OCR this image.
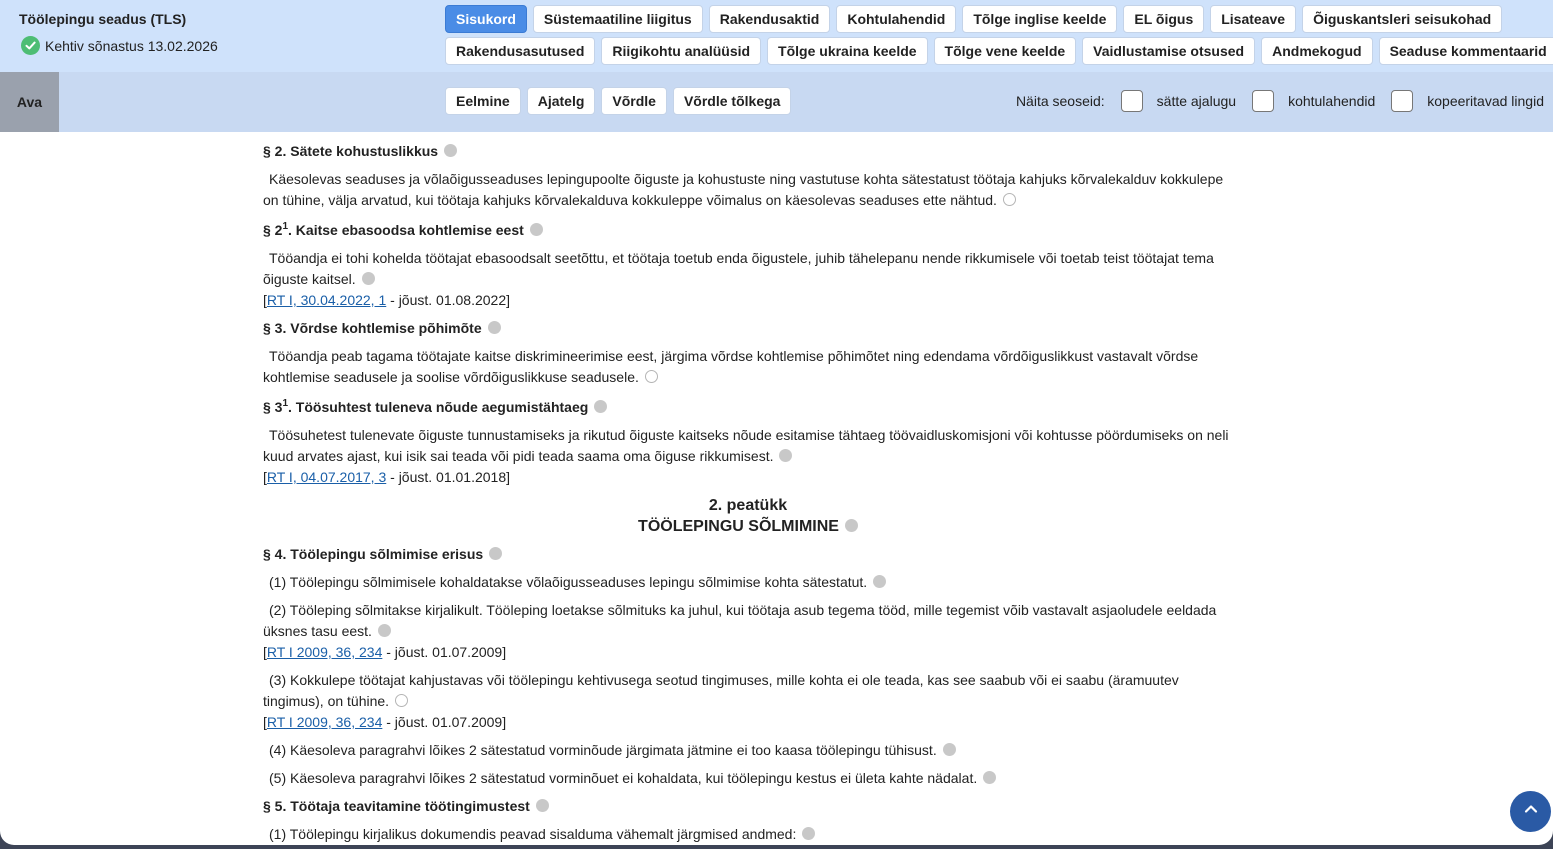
Töölepingu seadus (TLS)
Kehtiv sõnastus 13.02.2026
Sisukord	Süstemaatiline liigitus	Rakendusaktid	Kohtulahendid	Tõlge inglise keelde	EL õigus	Lisateave	Õiguskantsleri seisukohad
Rakendusasutused	Riigikohtu analüüsid	Tõlge ukraina keelde	Tõlge vene keelde	Vaidlustamise otsused	Andmekogud	Seaduse kommentaarid
Ava	Eelmine	Ajatelg	Võrdle	Võrdle tõlkega	Näita seoseid:	sätte ajalugu	kohtulahendid	kopeeritavad lingid
§ 2. Sätete kohustuslikkus
Käesolevas seaduses ja võlaõigusseaduses lepingupoolte õiguste ja kohustuste ning vastutuse kohta sätestatust töötaja kahjuks kõrvalekalduv kokkulepe on tühine, välja arvatud, kui töötaja kahjuks kõrvalekalduva kokkuleppe võimalus on käesolevas seaduses ette nähtud.
§ $2^1$. Kaitse ebasoodsa kohtlemise eest
Tööandja ei tohi kohelda töötajat ebasoodsalt seetõttu, et töötaja toetub enda õigustele, juhib tähelepanu nende rikkumisele või toetab teist töötajat tema õiguste kaitsel.
[RT I, 30.04.2022, 1 - jõust. 01.08.2022]
§ 3. Võrdse kohtlemise põhimõte
Tööandja peab tagama töötajate kaitse diskrimineerimise eest, järgima võrdse kohtlemise põhimõtet ning edendama võrdõiguslikkust vastavalt võrdse kohtlemise seadusele ja soolise võrdõiguslikkuse seadusele.
§ $3^1$. Töösuhtest tuleneva nõude aegumistähtaeg
Töösuhetest tulenevate õiguste tunnustamiseks ja rikutud õiguste kaitseks nõude esitamise tähtaeg töövaidluskomisjoni või kohtusse pöördumiseks on neli kuud arvates ajast, kui isik sai teada või pidi teada saama oma õiguse rikkumisest.
[RT I, 04.07.2017, 3 - jõust. 01.01.2018]
2. peatükk
TÖÖLEPINGU SÕLMIMINE
§ 4. Töölepingu sõlmimise erisus
(1) Töölepingu sõlmimisele kohaldatakse võlaõigusseaduses lepingu sõlmimise kohta sätestatut.
(2) Tööleping sõlmitakse kirjalikult. Tööleping loetakse sõlmituks ka juhul, kui töötaja asub tegema tööd, mille tegemist võib vastavalt asjaoludele eeldada üksnes tasu eest.
[RT I 2009, 36, 234 - jõust. 01.07.2009]
(3) Kokkulepe töötajat kahjustavas või töölepingu kehtivusega seotud tingimuses, mille kohta ei ole teada, kas see saabub või ei saabu (äramuutev tingimus), on tühine.
[RT I 2009, 36, 234 - jõust. 01.07.2009]
(4) Käesoleva paragrahvi lõikes 2 sätestatud vorminõude järgimata jätmine ei too kaasa töölepingu tühisust.
(5) Käesoleva paragrahvi lõikes 2 sätestatud vorminõuet ei kohaldata, kui töölepingu kestus ei ületa kahte nädalat.
§ 5. Töötaja teavitamine töötingimustest
(1) Töölepingu kirjalikus dokumendis peavad sisalduma vähemalt järgmised andmed:
